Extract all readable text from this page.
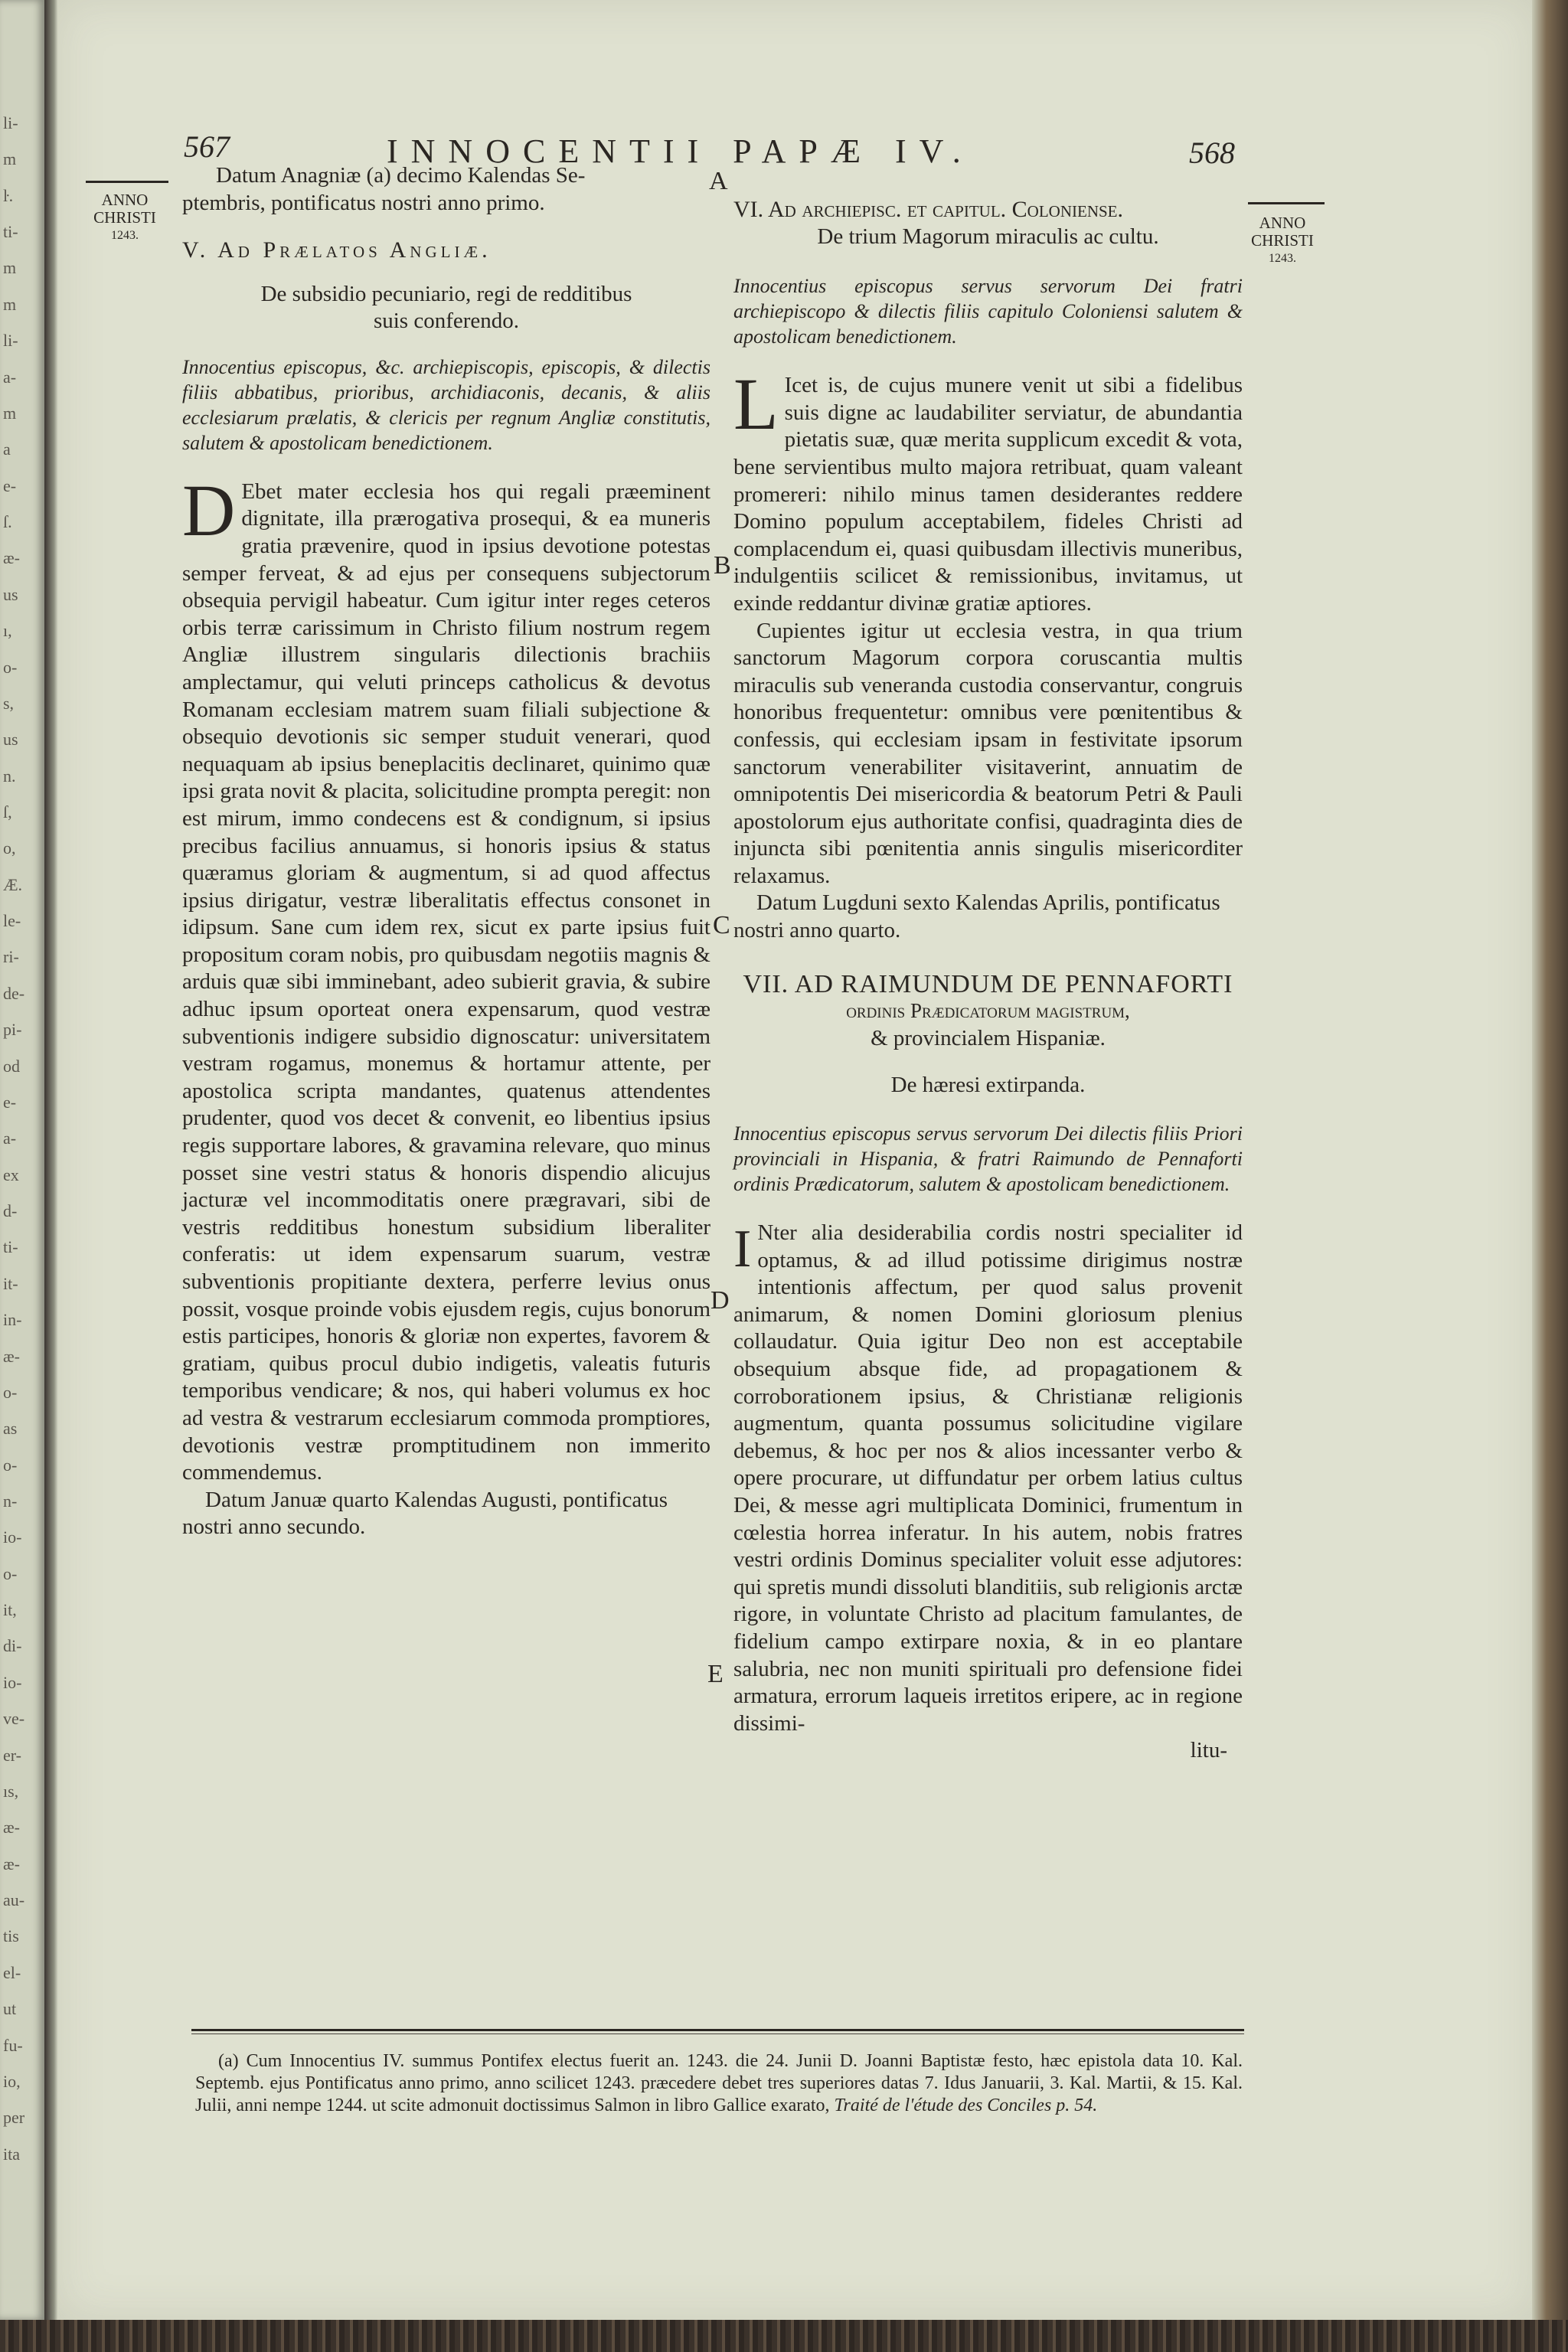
li-
m
ŀ.
ti-
m
m
li-
a-
m
a
e-
ſ.
æ-
us
ı,
o-
s,
us
n.
ſ,
o,
Æ.
le-
ri-
de-
pi-
od
e-
a-
ex
d-
ti-
it-
in-
æ-
o-
as
o-
n-
io-
o-
it,
di-
io-
ve-
er-
ıs,
æ-
æ-
au-
tis
el-
ut
fu-
io,
per
ita
567	INNOCENTII PAPÆ IV.	568
ANNO
CHRISTI
1243.
ANNO
CHRISTI
1243.
A
B
C
D
E

Datum Anagniæ (a) decimo Kalendas Se-

ptembris, pontificatus nostri anno primo.

V. Ad Prælatos Angliæ.

De subsidio pecuniario, regi de redditibus
suis conferendo.

Innocentius episcopus, &c. archiepiscopis, episcopis, & dilectis filiis abbatibus, prioribus, archidiaconis, decanis, & aliis ecclesiarum prælatis, & clericis per regnum Angliæ constitutis, salutem & apostolicam benedictionem.

D Ebet mater ecclesia hos qui regali præeminent dignitate, illa prærogativa prosequi, & ea muneris gratia prævenire, quod in ipsius devotione potestas semper ferveat, & ad ejus per consequens subjectorum obsequia pervigil habeatur. Cum igitur inter reges ceteros orbis terræ carissimum in Christo filium nostrum regem Angliæ illustrem singularis dilectionis brachiis amplectamur, qui veluti princeps catholicus & devotus Romanam ecclesiam matrem suam filiali subjectione & obsequio devotionis sic semper studuit venerari, quod nequaquam ab ipsius beneplacitis declinaret, quinimo quæ ipsi grata novit & placita, solicitudine prompta peregit: non est mirum, immo condecens est & condignum, si ipsius precibus facilius annuamus, si honoris ipsius & status quæramus gloriam & augmentum, si ad quod affectus ipsius dirigatur, vestræ liberalitatis effectus consonet in idipsum. Sane cum idem rex, sicut ex parte ipsius fuit propositum coram nobis, pro quibusdam negotiis magnis & arduis quæ sibi imminebant, adeo subierit gravia, & subire adhuc ipsum oporteat onera expensarum, quod vestræ subventionis indigere subsidio dignoscatur: universitatem vestram rogamus, monemus & hortamur attente, per apostolica scripta mandantes, quatenus attendentes prudenter, quod vos decet & convenit, eo libentius ipsius regis supportare labores, & gravamina relevare, quo minus posset sine vestri status & honoris dispendio alicujus jacturæ vel incommoditatis onere prægravari, sibi de vestris redditibus honestum subsidium liberaliter conferatis: ut idem expensarum suarum, vestræ subventionis propitiante dextera, perferre levius onus possit, vosque proinde vobis ejusdem regis, cujus bonorum estis participes, honoris & gloriæ non expertes, favorem & gratiam, quibus procul dubio indigetis, valeatis futuris temporibus vendicare; & nos, qui haberi volumus ex hoc ad vestra & vestrarum ecclesiarum commoda promptiores, devotionis vestræ promptitudinem non immerito commendemus.

Datum Januæ quarto Kalendas Augusti, pontificatus nostri anno secundo.

VI. Ad archiepisc. et capitul. Coloniense.

De trium Magorum miraculis ac cultu.

Innocentius episcopus servus servorum Dei fratri archiepiscopo & dilectis filiis capitulo Coloniensi salutem & apostolicam benedictionem.

L Icet is, de cujus munere venit ut sibi a fidelibus suis digne ac laudabiliter serviatur, de abundantia pietatis suæ, quæ merita supplicum excedit & vota, bene servientibus multo majora retribuat, quam valeant promereri: nihilo minus tamen desiderantes reddere Domino populum acceptabilem, fideles Christi ad complacendum ei, quasi quibusdam illectivis muneribus, indulgentiis scilicet & remissionibus, invitamus, ut exinde reddantur divinæ gratiæ aptiores.

Cupientes igitur ut ecclesia vestra, in qua trium sanctorum Magorum corpora coruscantia multis miraculis sub veneranda custodia conservantur, congruis honoribus frequentetur: omnibus vere pœnitentibus & confessis, qui ecclesiam ipsam in festivitate ipsorum sanctorum venerabiliter visitaverint, annuatim de omnipotentis Dei misericordia & beatorum Petri & Pauli apostolorum ejus authoritate confisi, quadraginta dies de injuncta sibi pœnitentia annis singulis misericorditer relaxamus.

Datum Lugduni sexto Kalendas Aprilis, pontificatus nostri anno quarto.

VII. AD RAIMUNDUM DE PENNAFORTI

ordinis Prædicatorum magistrum,

& provincialem Hispaniæ.

De hæresi extirpanda.

Innocentius episcopus servus servorum Dei dilectis filiis Priori provinciali in Hispania, & fratri Raimundo de Pennaforti ordinis Prædicatorum, salutem & apostolicam benedictionem.

I Nter alia desiderabilia cordis nostri specialiter id optamus, & ad illud potissime dirigimus nostræ intentionis affectum, per quod salus provenit animarum, & nomen Domini gloriosum plenius collaudatur. Quia igitur Deo non est acceptabile obsequium absque fide, ad propagationem & corroborationem ipsius, & Christianæ religionis augmentum, quanta possumus solicitudine vigilare debemus, & hoc per nos & alios incessanter verbo & opere procurare, ut diffundatur per orbem latius cultus Dei, & messe agri multiplicata Dominici, frumentum in cœlestia horrea inferatur. In his autem, nobis fratres vestri ordinis Dominus specialiter voluit esse adjutores: qui spretis mundi dissoluti blanditiis, sub religionis arctæ rigore, in voluntate Christo ad placitum famulantes, de fidelium campo extirpare noxia, & in eo plantare salubria, nec non muniti spirituali pro defensione fidei armatura, errorum laqueis irretitos eripere, ac in regione dissimi-

litu-

(a) Cum Innocentius IV. summus Pontifex electus fuerit an. 1243. die 24. Junii D. Joanni Baptistæ festo, hæc epistola data 10. Kal. Septemb. ejus Pontificatus anno primo, anno scilicet 1243. præcedere debet tres superiores datas 7. Idus Januarii, 3. Kal. Martii, & 15. Kal. Julii, anni nempe 1244. ut scite admonuit doctissimus Salmon in libro Gallice exarato, Traité de l'étude des Conciles p. 54.
